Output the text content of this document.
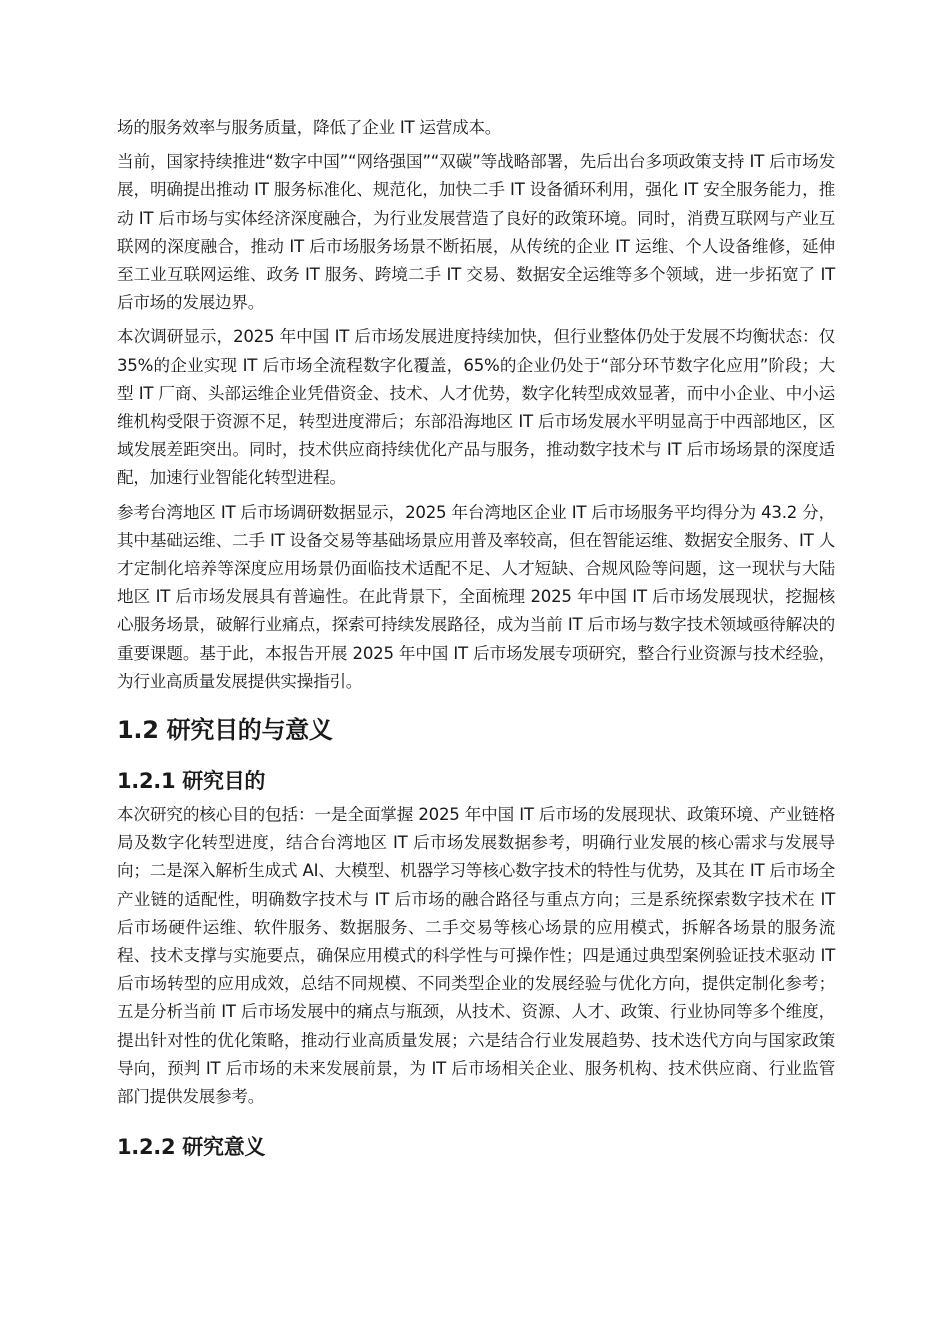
场的服务效率与服务质量，降低了企业 IT 运营成本。

当前，国家持续推进“数字中国”“网络强国”“双碳”等战略部署，先后出台多项政策支持 IT 后市场发展，明确提出推动 IT 服务标准化、规范化，加快二手 IT 设备循环利用，强化 IT 安全服务能力，推动 IT 后市场与实体经济深度融合，为行业发展营造了良好的政策环境。同时，消费互联网与产业互联网的深度融合，推动 IT 后市场服务场景不断拓展，从传统的企业 IT 运维、个人设备维修，延伸至工业互联网运维、政务 IT 服务、跨境二手 IT 交易、数据安全运维等多个领域，进一步拓宽了 IT 后市场的发展边界。

本次调研显示，2025 年中国 IT 后市场发展进度持续加快，但行业整体仍处于发展不均衡状态：仅 35%的企业实现 IT 后市场全流程数字化覆盖，65%的企业仍处于“部分环节数字化应用”阶段；大型 IT 厂商、头部运维企业凭借资金、技术、人才优势，数字化转型成效显著，而中小企业、中小运维机构受限于资源不足，转型进度滞后；东部沿海地区 IT 后市场发展水平明显高于中西部地区，区域发展差距突出。同时，技术供应商持续优化产品与服务，推动数字技术与 IT 后市场场景的深度适配，加速行业智能化转型进程。

参考台湾地区 IT 后市场调研数据显示，2025 年台湾地区企业 IT 后市场服务平均得分为 43.2 分，其中基础运维、二手 IT 设备交易等基础场景应用普及率较高，但在智能运维、数据安全服务、IT 人才定制化培养等深度应用场景仍面临技术适配不足、人才短缺、合规风险等问题，这一现状与大陆地区 IT 后市场发展具有普遍性。在此背景下，全面梳理 2025 年中国 IT 后市场发展现状，挖掘核心服务场景，破解行业痛点，探索可持续发展路径，成为当前 IT 后市场与数字技术领域亟待解决的重要课题。基于此，本报告开展 2025 年中国 IT 后市场发展专项研究，整合行业资源与技术经验，为行业高质量发展提供实操指引。

1.2 研究目的与意义
1.2.1 研究目的

本次研究的核心目的包括：一是全面掌握 2025 年中国 IT 后市场的发展现状、政策环境、产业链格局及数字化转型进度，结合台湾地区 IT 后市场发展数据参考，明确行业发展的核心需求与发展导向；二是深入解析生成式 AI、大模型、机器学习等核心数字技术的特性与优势，及其在 IT 后市场全产业链的适配性，明确数字技术与 IT 后市场的融合路径与重点方向；三是系统探索数字技术在 IT 后市场硬件运维、软件服务、数据服务、二手交易等核心场景的应用模式，拆解各场景的服务流程、技术支撑与实施要点，确保应用模式的科学性与可操作性；四是通过典型案例验证技术驱动 IT 后市场转型的应用成效，总结不同规模、不同类型企业的发展经验与优化方向，提供定制化参考；五是分析当前 IT 后市场发展中的痛点与瓶颈，从技术、资源、人才、政策、行业协同等多个维度，提出针对性的优化策略，推动行业高质量发展；六是结合行业发展趋势、技术迭代方向与国家政策导向，预判 IT 后市场的未来发展前景，为 IT 后市场相关企业、服务机构、技术供应商、行业监管部门提供发展参考。

1.2.2 研究意义
